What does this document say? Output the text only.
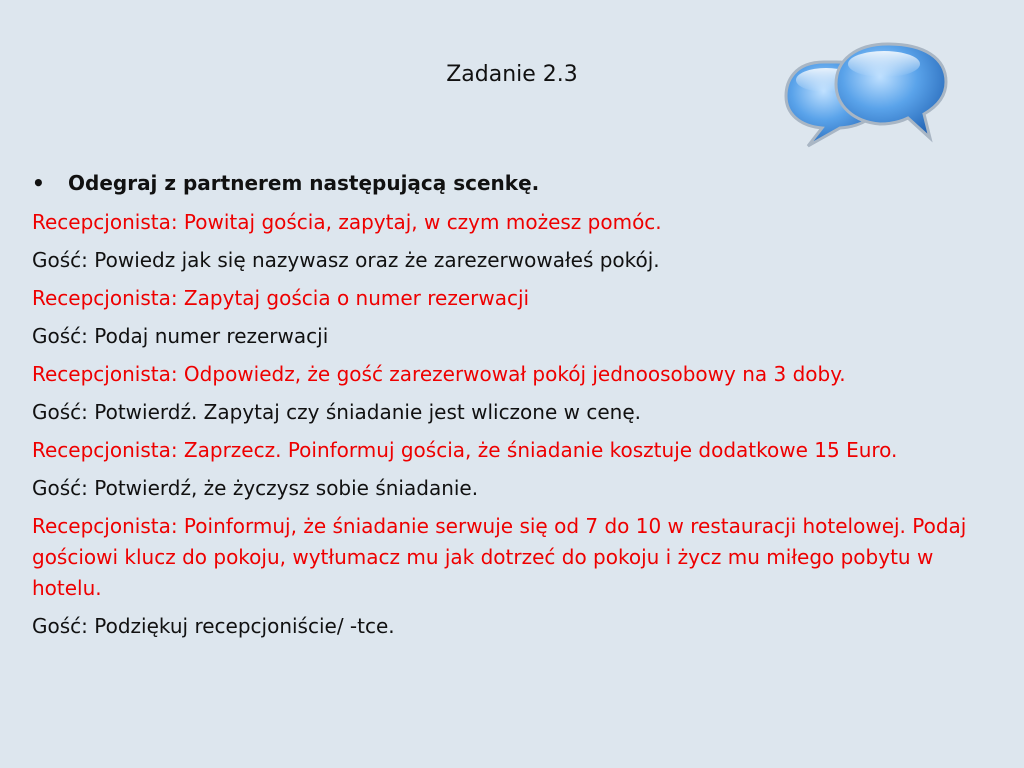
Zadanie 2.3
•	Odegraj z partnerem następującą scenkę.
Recepcjonista: Powitaj gościa, zapytaj, w czym możesz pomóc.
Gość: Powiedz jak się nazywasz oraz że zarezerwowałeś pokój.
Recepcjonista: Zapytaj gościa o numer rezerwacji
Gość: Podaj numer rezerwacji
Recepcjonista: Odpowiedz, że gość zarezerwował pokój jednoosobowy na 3 doby.
Gość: Potwierdź. Zapytaj czy śniadanie jest wliczone w cenę.
Recepcjonista: Zaprzecz. Poinformuj gościa, że śniadanie kosztuje dodatkowe 15 Euro.
Gość: Potwierdź, że życzysz sobie śniadanie.
Recepcjonista: Poinformuj, że śniadanie serwuje się od 7 do 10 w restauracji hotelowej. Podaj gościowi klucz do pokoju, wytłumacz mu jak dotrzeć do pokoju i życz mu miłego pobytu w hotelu.
Gość: Podziękuj recepcjoniście/ -tce.
